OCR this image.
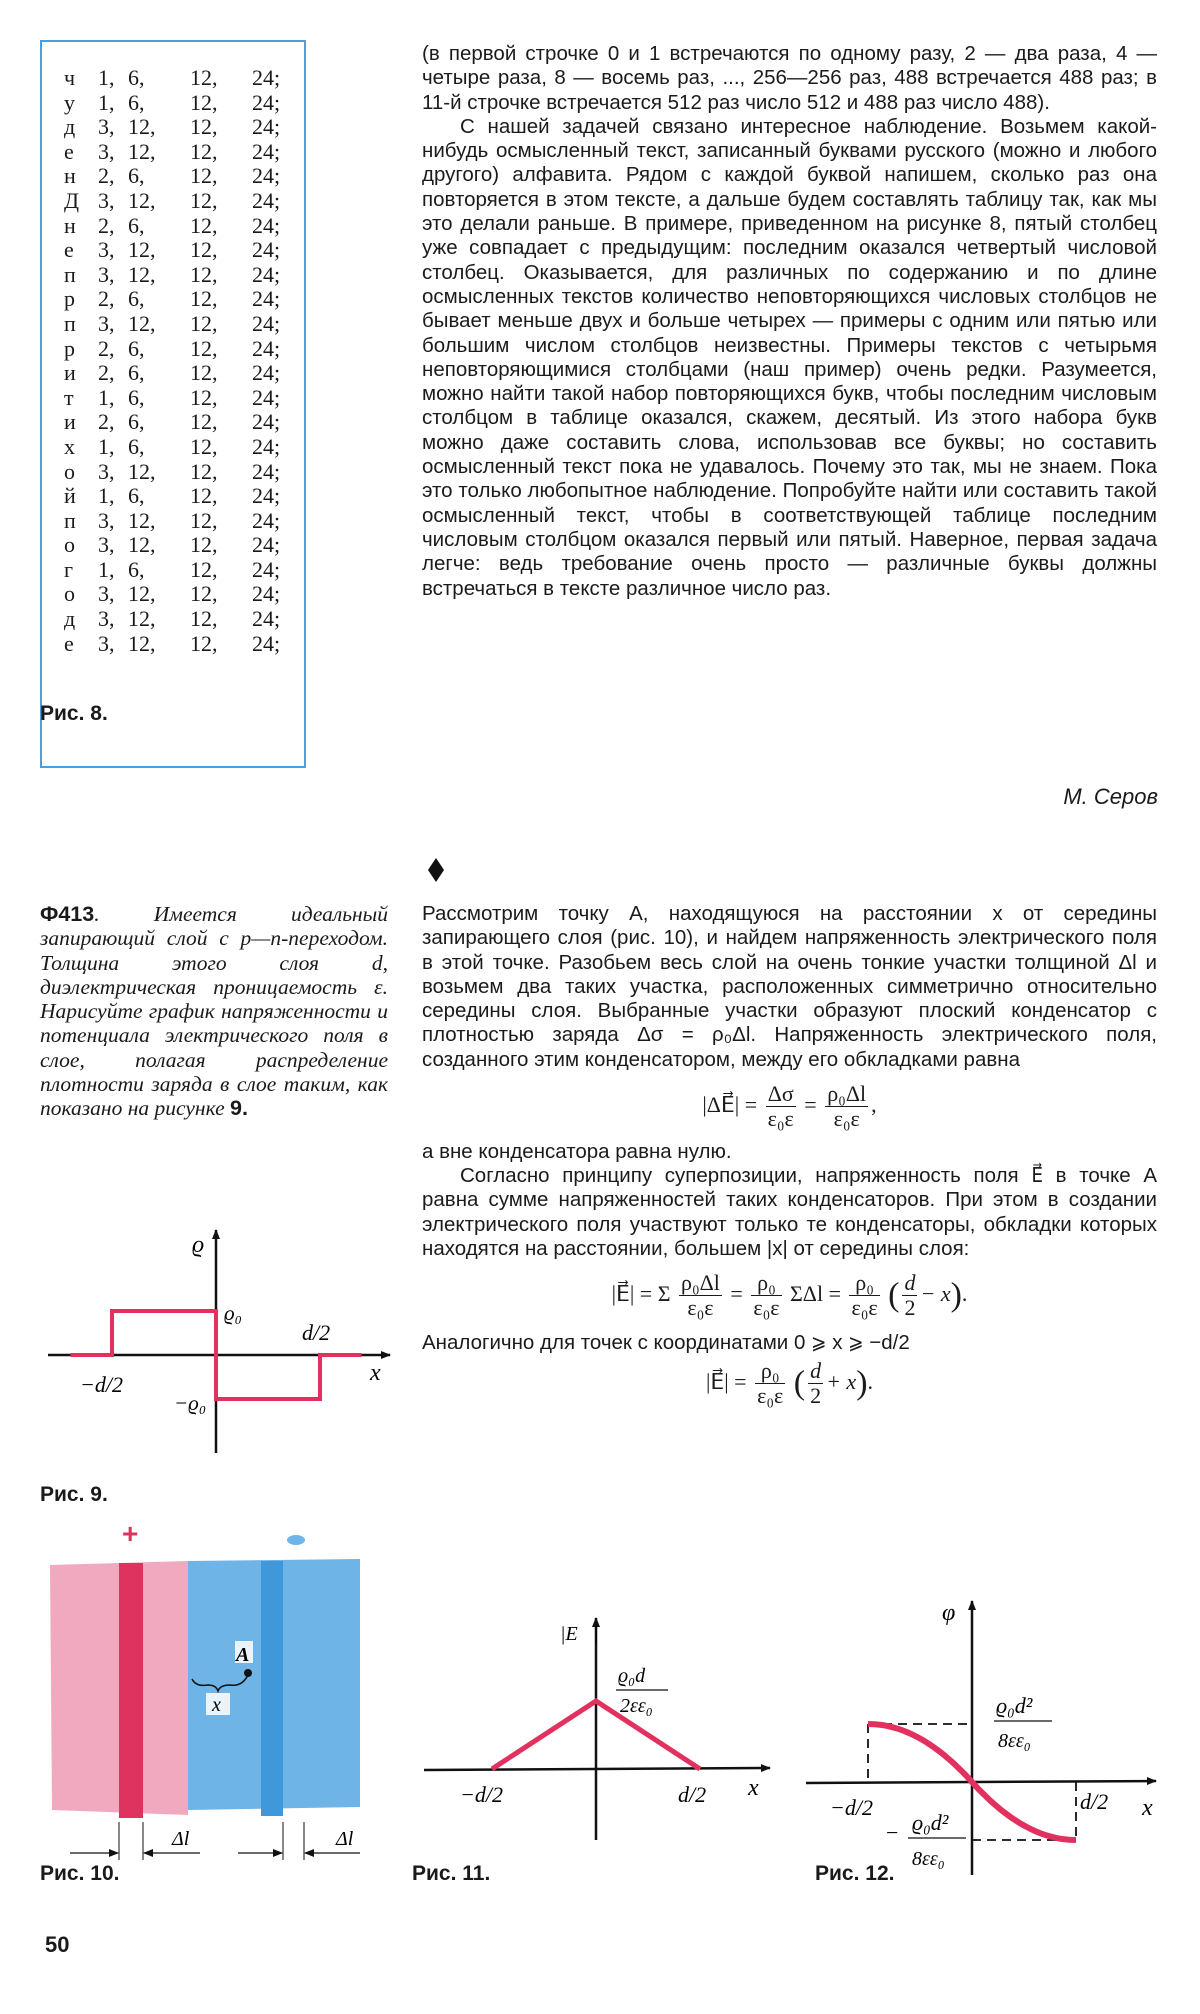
ч	1,	6,	12,	24;
у	1,	6,	12,	24;
д	3,	12,	12,	24;
е	3,	12,	12,	24;
н	2,	6,	12,	24;
Д	3,	12,	12,	24;
н	2,	6,	12,	24;
е	3,	12,	12,	24;
п	3,	12,	12,	24;
р	2,	6,	12,	24;
п	3,	12,	12,	24;
р	2,	6,	12,	24;
и	2,	6,	12,	24;
т	1,	6,	12,	24;
и	2,	6,	12,	24;
х	1,	6,	12,	24;
о	3,	12,	12,	24;
й	1,	6,	12,	24;
п	3,	12,	12,	24;
о	3,	12,	12,	24;
г	1,	6,	12,	24;
о	3,	12,	12,	24;
д	3,	12,	12,	24;
е	3,	12,	12,	24;
Рис. 8.

(в первой строчке 0 и 1 встречаются по одному разу, 2 — два раза, 4 — четыре раза, 8 — восемь раз, ..., 256—256 раз, 488 встречается 488 раз; в 11-й строчке встречается 512 раз число 512 и 488 раз число 488).

С нашей задачей связано интересное наблюдение. Возьмем какой-нибудь осмысленный текст, записанный буквами русского (можно и любого другого) алфавита. Рядом с каждой буквой напишем, сколько раз она повторяется в этом тексте, а дальше будем составлять таблицу так, как мы это делали раньше. В примере, приведенном на рисунке 8, пятый столбец уже совпадает с предыдущим: последним оказался четвертый числовой столбец. Оказывается, для различных по содержанию и по длине осмысленных текстов количество неповторяющихся числовых столбцов не бывает меньше двух и больше четырех — примеры с одним или пятью или большим числом столбцов неизвестны. Примеры текстов с четырьмя неповторяющимися столбцами (наш пример) очень редки. Разумеется, можно найти такой набор повторяющихся букв, чтобы последним числовым столбцом в таблице оказался, скажем, десятый. Из этого набора букв можно даже составить слова, использовав все буквы; но составить осмысленный текст пока не удавалось. Почему это так, мы не знаем. Пока это только любопытное наблюдение. Попробуйте найти или составить такой осмысленный текст, чтобы в соответствующей таблице последним числовым столбцом оказался первый или пятый. Наверное, первая задача легче: ведь требование очень просто — различные буквы должны встречаться в тексте различное число раз.

М. Серов
Ф413. Имеется идеальный запирающий слой с p—n-переходом. Толщина этого слоя d, диэлектрическая проницаемость ε. Нарисуйте график напряженности и потенциала электрического поля в слое, полагая распределение плотности заряда в слое таким, как показано на рисунке 9.

Рассмотрим точку A, находящуюся на расстоянии x от середины запирающего слоя (рис. 10), и найдем напряженность электрического поля в этой точке. Разобьем весь слой на очень тонкие участки толщиной Δl и возьмем два таких участка, расположенных симметрично относительно середины слоя. Выбранные участки образуют плоский конденсатор с плотностью заряда Δσ = ρ₀Δl. Напряженность электрического поля, созданного этим конденсатором, между его обкладками равна

|ΔE⃗| = $\frac{\Delta\sigma}{\text{ε₀ε}} = \frac{\text{ρ₀Δl}}{\text{ε₀ε}}$ ,

а вне конденсатора равна нулю.

Согласно принципу суперпозиции, напряженность поля E⃗ в точке A равна сумме напряженностей таких конденсаторов. При этом в создании электрического поля участвуют только те конденсаторы, обкладки которых находятся на расстоянии, большем |x| от середины слоя:

|E⃗| = Σ $\frac{\text{ρ₀Δl}}{\text{ε₀ε}} = \frac{\text{ρ₀}}{\text{ε₀ε}}$ $\Sigma\Delta l = \frac{\text{ρ₀}}{\text{ε₀ε}}$ ( $\frac{d}{2} - x$).

Аналогично для точек с координатами 0 ⩾ x ⩾ −d/2

|E⃗| = $\frac{\text{ρ₀}}{\text{ε₀ε}}$ ( $\frac{d}{2} + x$).
ϱ
x
ϱ₀
−ϱ₀
−d/2
d/2
Рис. 9.
+
A
x
Δl	Δl
Рис. 10.
|E⃗|
x
ϱ₀d
2εε₀
−d/2	d/2
Рис. 11.
φ
x
ϱ₀d²
8εε₀
− ϱ₀d²
8εε₀
−d/2	d/2
Рис. 12.
50
